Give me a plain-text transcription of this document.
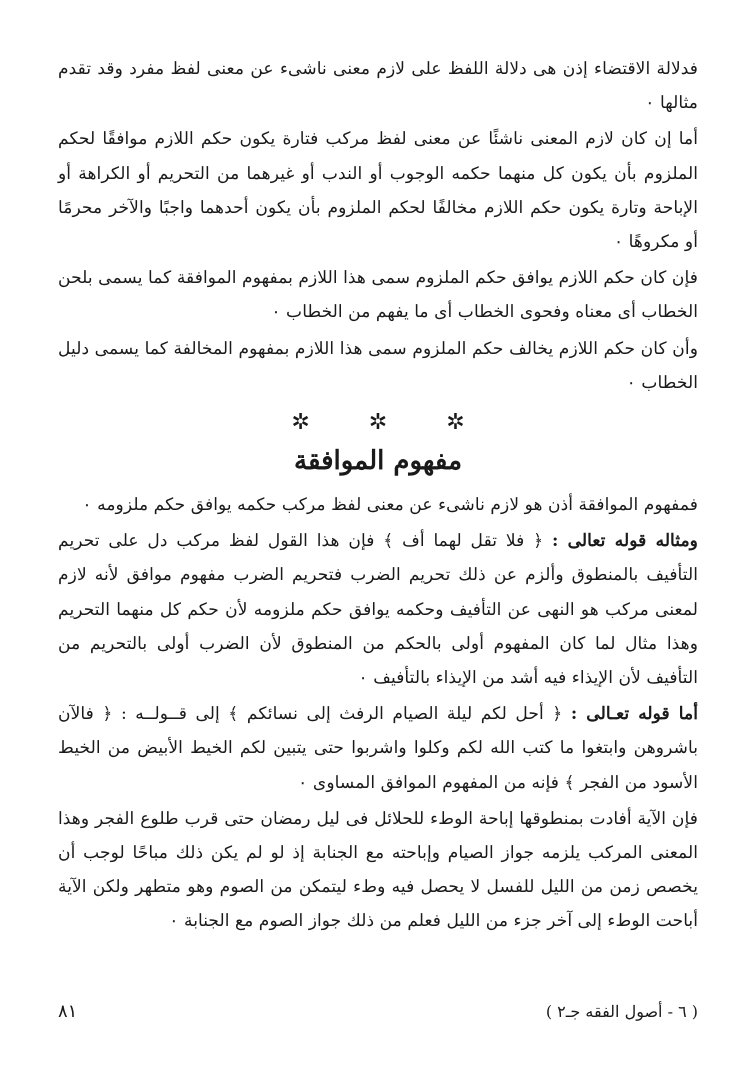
فدلالة الاقتضاء إذن هى دلالة اللفظ على لازم معنى ناشىء عن معنى لفظ مفرد وقد تقدم مثالها ٠

أما إن كان لازم المعنى ناشئًا عن معنى لفظ مركب فتارة يكون حكم اللازم موافقًا لحكم الملزوم بأن يكون كل منهما حكمه الوجوب أو الندب أو غيرهما من التحريم أو الكراهة أو الإباحة وتارة يكون حكم اللازم مخالفًا لحكم الملزوم بأن يكون أحدهما واجبًا والآخر محرمًا أو مكروهًا ٠

فإن كان حكم اللازم يوافق حكم الملزوم سمى هذا اللازم بمفهوم الموافقة كما يسمى بلحن الخطاب أى معناه وفحوى الخطاب أى ما يفهم من الخطاب ٠

وأن كان حكم اللازم يخالف حكم الملزوم سمى هذا اللازم بمفهوم المخالفة كما يسمى دليل الخطاب ٠

✲ ✲ ✲
مفهوم الموافقة

فمفهوم الموافقة أذن هو لازم ناشىء عن معنى لفظ مركب حكمه يوافق حكم ملزومه ٠

ومثاله قوله تعالى : ﴿ فلا تقل لهما أف ﴾ فإن هذا القول لفظ مركب دل على تحريم التأفيف بالمنطوق وألزم عن ذلك تحريم الضرب فتحريم الضرب مفهوم موافق لأنه لازم لمعنى مركب هو النهى عن التأفيف وحكمه يوافق حكم ملزومه لأن حكم كل منهما التحريم وهذا مثال لما كان المفهوم أولى بالحكم من المنطوق لأن الضرب أولى بالتحريم من التأفيف لأن الإيذاء فيه أشد من الإيذاء بالتأفيف ٠

أما قوله تعـالى : ﴿ أحل لكم ليلة الصيام الرفث إلى نسائكم ﴾ إلى قــولــه : ﴿ فالآن باشروهن وابتغوا ما كتب الله لكم وكلوا واشربوا حتى يتبين لكم الخيط الأبيض من الخيط الأسود من الفجر ﴾ فإنه من المفهوم الموافق المساوى ٠

فإن الآية أفادت بمنطوقها إباحة الوطء للحلائل فى ليل رمضان حتى قرب طلوع الفجر وهذا المعنى المركب يلزمه جواز الصيام وإباحته مع الجنابة إذ لو لم يكن ذلك مباحًا لوجب أن يخصص زمن من الليل للفسل لا يحصل فيه وطء ليتمكن من الصوم وهو متطهر ولكن الآية أباحت الوطء إلى آخر جزء من الليل فعلم من ذلك جواز الصوم مع الجنابة ٠

( ٦ - أصول الفقه جـ٢ )
٨١
